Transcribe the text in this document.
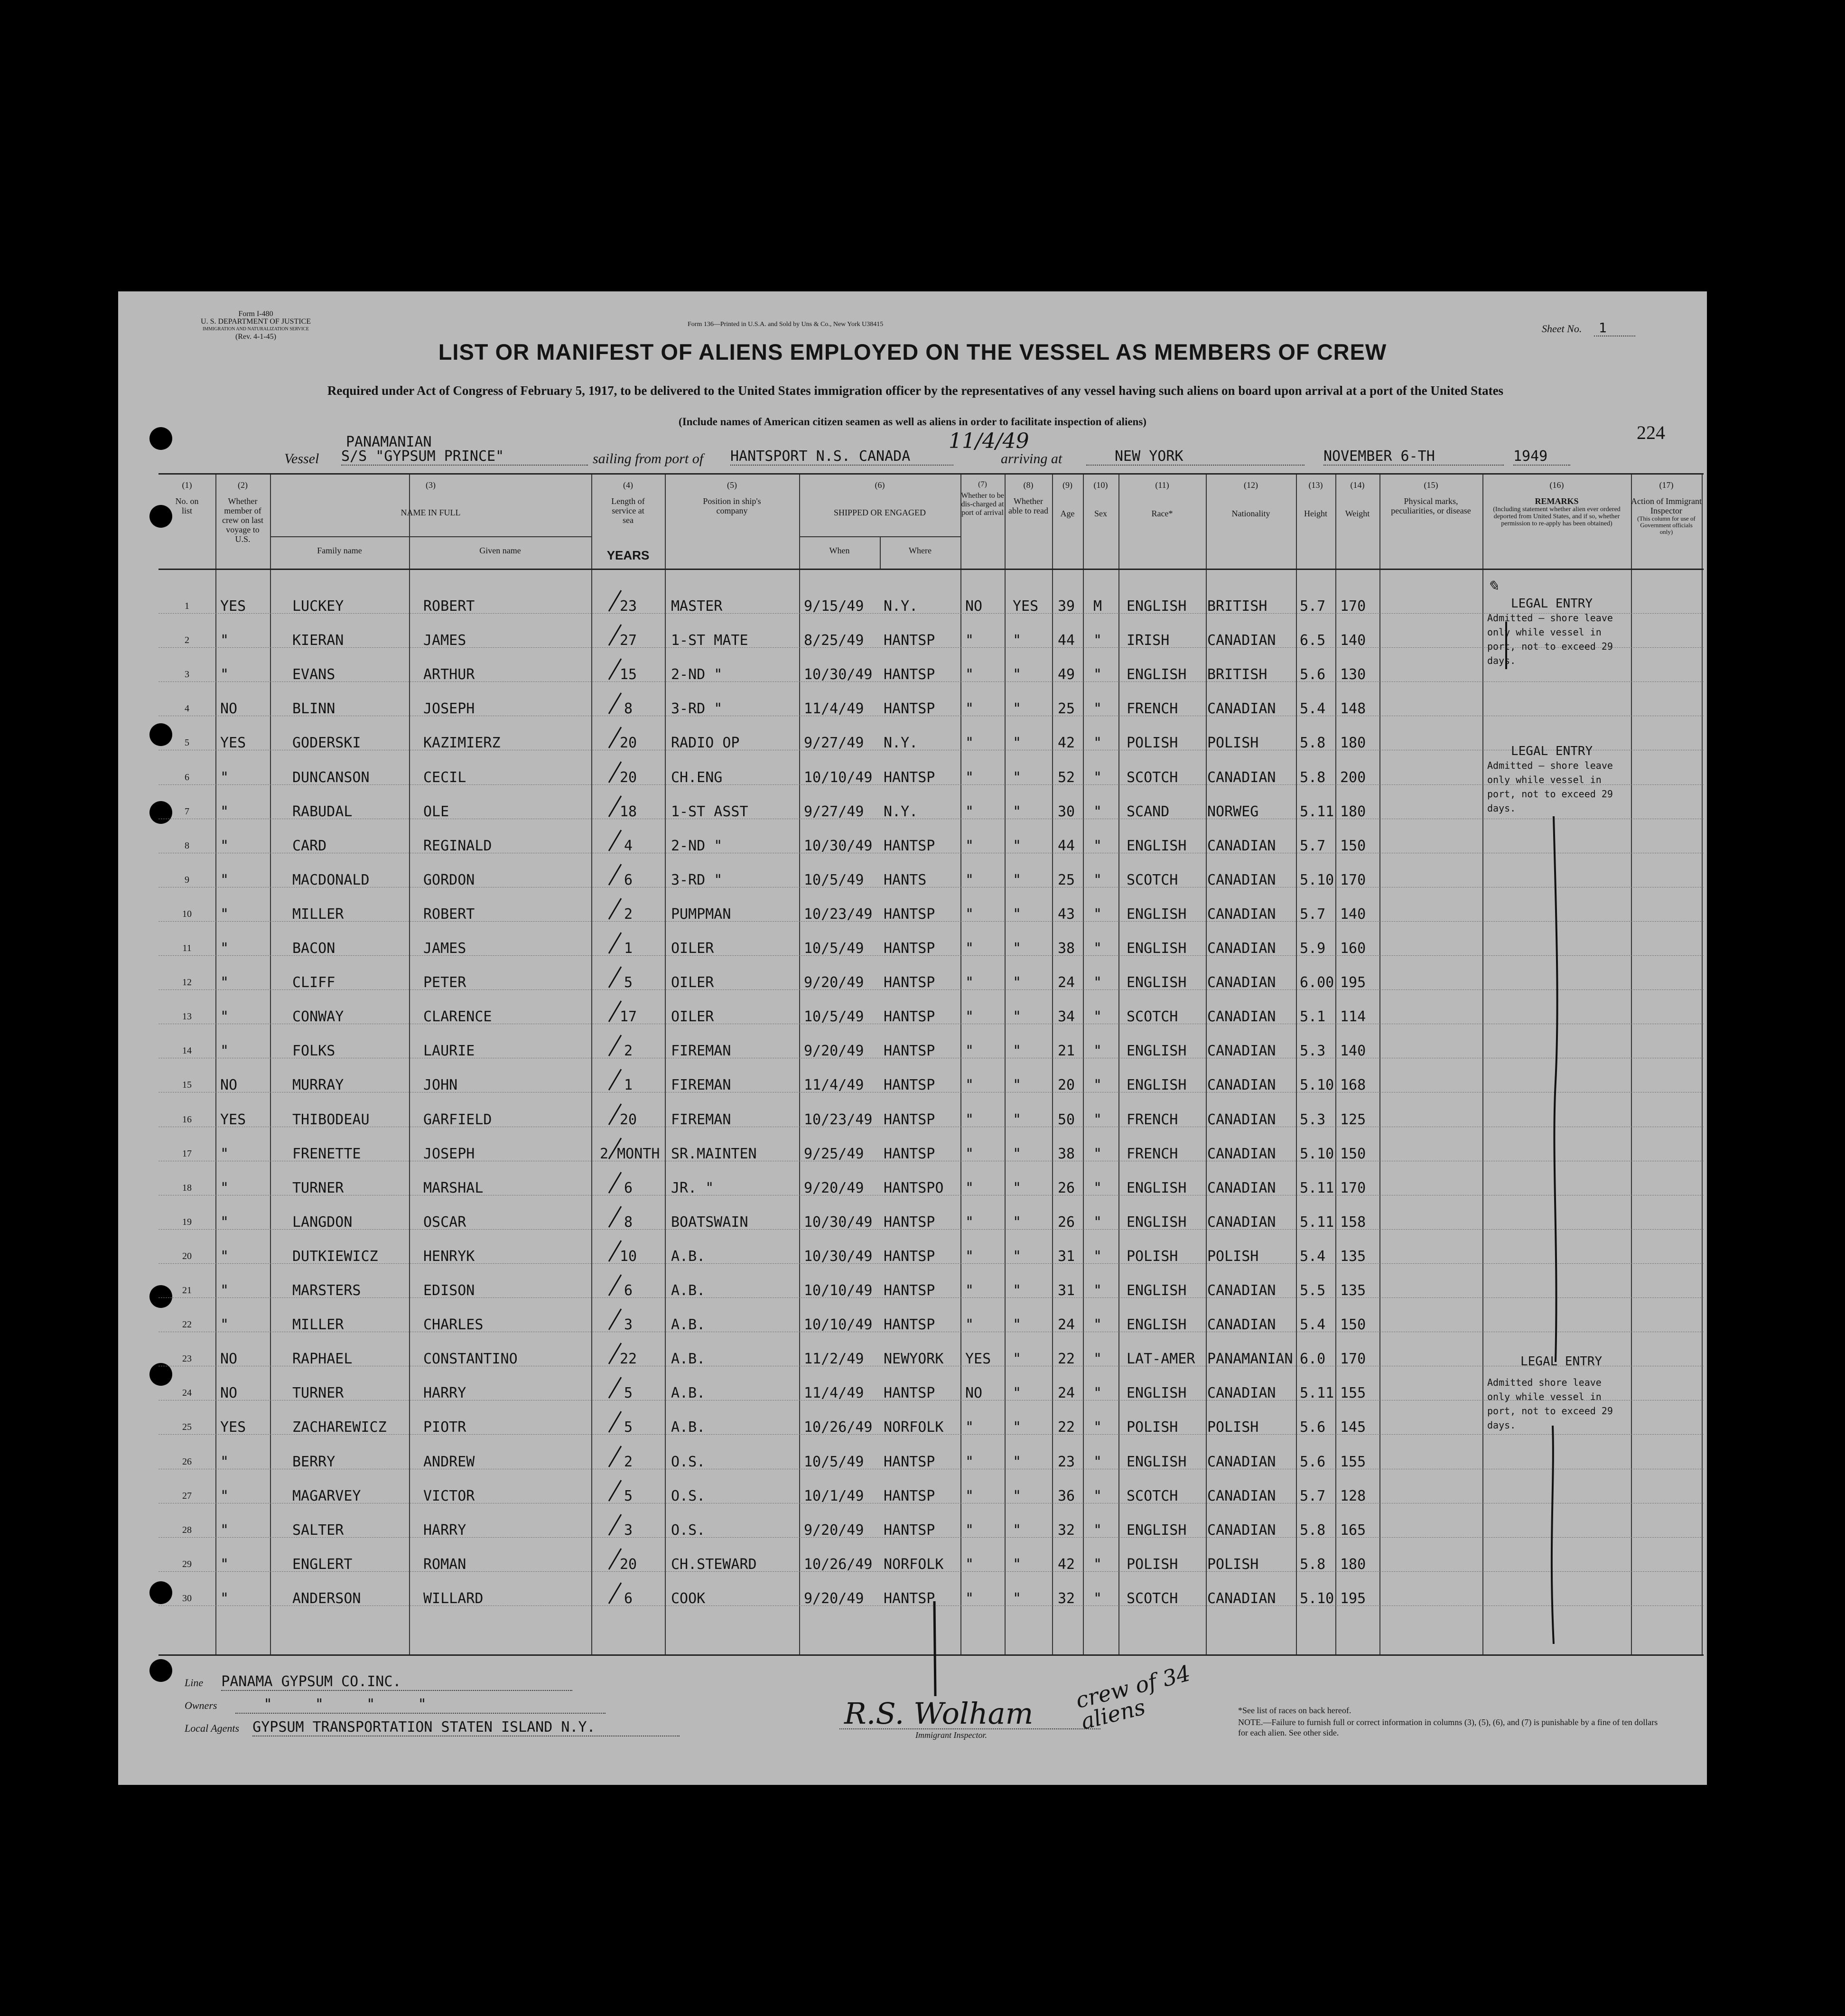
Form I-480
U. S. DEPARTMENT OF JUSTICE
IMMIGRATION AND NATURALIZATION SERVICE
(Rev. 4-1-45)
Form 136—Printed in U.S.A. and Sold by Uns & Co., New York U38415	Sheet No. 1
LIST OR MANIFEST OF ALIENS EMPLOYED ON THE VESSEL AS MEMBERS OF CREW
Required under Act of Congress of February 5, 1917, to be delivered to the United States immigration officer by the representatives of any vessel having such aliens on board upon arrival at a port of the United States
(Include names of American citizen seamen as well as aliens in order to facilitate inspection of aliens)
224
PANAMANIAN
Vessel S/S "GYPSUM PRINCE"	sailing from port of HANTSPORT N.S. CANADA
11/4/49
arriving at	NEW YORK	NOVEMBER 6-TH	1949
(1)
No. on list
(2)
Whether member of crew on last voyage to U.S.
(3)
NAME IN FULL
Family name	Given name
(4)
Length of service at sea
YEARS
(5)
Position in ship's company
(6)
SHIPPED OR ENGAGED
When	Where
(7)
Whether to be dis-charged at port of arrival
(8)
Whether able to read
(9)
Age
(10)
Sex
(11)
Race*
(12)
Nationality
(13)
Height
(14)
Weight
(15)
Physical marks, peculiarities, or disease
(16)
REMARKS
(Including statement whether alien ever ordered deported from United States, and if so, whether permission to re-apply has been obtained)
(17)
Action of Immigrant Inspector
(This column for use of Government officials only)
1	YES	LUCKEY	ROBERT	23	MASTER	9/15/49 N.Y.	NO YES 39 M ENGLISH BRITISH 5.7 170
2	"	KIERAN	JAMES	27	1-ST MATE	8/25/49 HANTSP "	"	44 " IRISH	CANADIAN 6.5 140
3	"	EVANS	ARTHUR	15	2-ND "	10/30/49 HANTSP "	"	49 " ENGLISH BRITISH 5.6 130
4	NO	BLINN	JOSEPH	8	3-RD "	11/4/49 HANTSP "	"	25 " FRENCH CANADIAN 5.4 148
5	YES	GODERSKI	KAZIMIERZ	20	RADIO OP	9/27/49 N.Y.	"	"	42 " POLISH POLISH	5.8 180
6	"	DUNCANSON	CECIL	20	CH.ENG	10/10/49 HANTSP "	"	52 " SCOTCH CANADIAN 5.8 200
7	"	RABUDAL	OLE	18	1-ST ASST	9/27/49 N.Y.	"	"	30 " SCAND	NORWEG	5.11 180
8	"	CARD	REGINALD	4	2-ND "	10/30/49 HANTSP "	"	44 " ENGLISH CANADIAN 5.7 150
9	"	MACDONALD	GORDON	6	3-RD "	10/5/49 HANTS	"	"	25 " SCOTCH CANADIAN 5.10 170
10	"	MILLER	ROBERT	2	PUMPMAN	10/23/49 HANTSP "	"	43 " ENGLISH CANADIAN 5.7 140
11	"	BACON	JAMES	1	OILER	10/5/49 HANTSP "	"	38 " ENGLISH CANADIAN 5.9 160
12	"	CLIFF	PETER	5	OILER	9/20/49 HANTSP "	"	24 " ENGLISH CANADIAN 6.00 195
13	"	CONWAY	CLARENCE	17	OILER	10/5/49 HANTSP "	"	34 " SCOTCH CANADIAN 5.1 114
14	"	FOLKS	LAURIE	2	FIREMAN	9/20/49 HANTSP "	"	21 " ENGLISH CANADIAN 5.3 140
15	NO	MURRAY	JOHN	1	FIREMAN	11/4/49 HANTSP "	"	20 " ENGLISH CANADIAN 5.10 168
16	YES	THIBODEAU	GARFIELD	20	FIREMAN	10/23/49 HANTSP "	"	50 " FRENCH CANADIAN 5.3 125
17	"	FRENETTE	JOSEPH	2 MONTH SR.MAINTEN	9/25/49 HANTSP "	"	38 " FRENCH CANADIAN 5.10 150
18	"	TURNER	MARSHAL	6	JR. "	9/20/49 HANTSPO "	"	26 " ENGLISH CANADIAN 5.11 170
19	"	LANGDON	OSCAR	8	BOATSWAIN	10/30/49 HANTSP "	"	26 " ENGLISH CANADIAN 5.11 158
20	"	DUTKIEWICZ	HENRYK	10	A.B.	10/30/49 HANTSP "	"	31 " POLISH POLISH	5.4 135
21	"	MARSTERS	EDISON	6	A.B.	10/10/49 HANTSP "	"	31 " ENGLISH CANADIAN 5.5 135
22	"	MILLER	CHARLES	3	A.B.	10/10/49 HANTSP "	"	24 " ENGLISH CANADIAN 5.4 150
23	NO	RAPHAEL	CONSTANTINO	22	A.B.	11/2/49 NEWYORK YES "	22 " LAT-AMER PANAMANIAN 6.0 170
24	NO	TURNER	HARRY	5	A.B.	11/4/49 HANTSP NO "	24 " ENGLISH CANADIAN 5.11 155
25	YES	ZACHAREWICZ	PIOTR	5	A.B.	10/26/49 NORFOLK "	"	22 " POLISH POLISH	5.6 145
26	"	BERRY	ANDREW	2	O.S.	10/5/49 HANTSP "	"	23 " ENGLISH CANADIAN 5.6 155
27	"	MAGARVEY	VICTOR	5	O.S.	10/1/49 HANTSP "	"	36 " SCOTCH CANADIAN 5.7 128
28	"	SALTER	HARRY	3	O.S.	9/20/49 HANTSP "	"	32 " ENGLISH CANADIAN 5.8 165
29	"	ENGLERT	ROMAN	20	CH.STEWARD	10/26/49 NORFOLK "	"	42 " POLISH POLISH	5.8 180
30	"	ANDERSON	WILLARD	6	COOK	9/20/49 HANTSP "	"	32 " SCOTCH CANADIAN 5.10 195
✎
LEGAL ENTRY
Admitted — shore leave only while vessel in port, not to exceed 29 days.
LEGAL ENTRY
Admitted — shore leave only while vessel in port, not to exceed 29 days.
LEGAL ENTRY
Admitted shore leave only while vessel in port, not to exceed 29 days.
Line PANAMA GYPSUM CO.INC.
Owners	"     "     "     "
Local Agents GYPSUM TRANSPORTATION STATEN ISLAND N.Y.	R.S. Wolham
Immigrant Inspector.
crew of 34 aliens	*See list of races on back hereof.
NOTE.—Failure to furnish full or correct information in columns (3), (5), (6), and (7) is punishable by a fine of ten dollars for each alien. See other side.
